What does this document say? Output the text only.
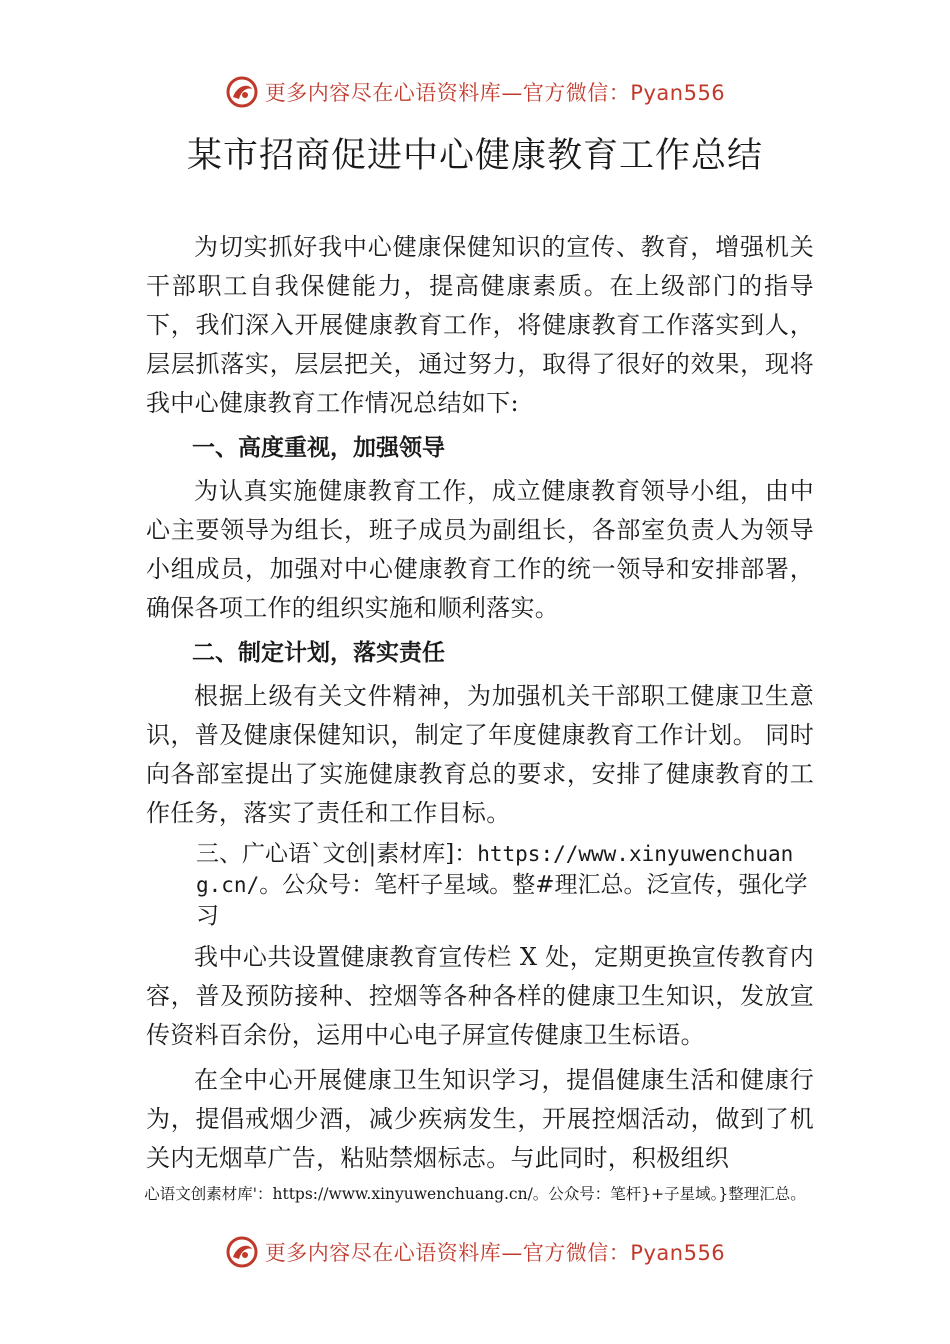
更多内容尽在心语资料库—官方微信：Pyan556
某市招商促进中心健康教育工作总结

为切实抓好我中心健康保健知识的宣传、教育，增强机关干部职工自我保健能力，提高健康素质。在上级部门的指导下，我们深入开展健康教育工作，将健康教育工作落实到人，层层抓落实，层层把关，通过努力，取得了很好的效果，现将我中心健康教育工作情况总结如下:

一、高度重视，加强领导

为认真实施健康教育工作，成立健康教育领导小组，由中心主要领导为组长，班子成员为副组长，各部室负责人为领导小组成员，加强对中心健康教育工作的统一领导和安排部署，确保各项工作的组织实施和顺利落实。

二、制定计划，落实责任

根据上级有关文件精神，为加强机关干部职工健康卫生意识，普及健康保健知识，制定了年度健康教育工作计划。 同时向各部室提出了实施健康教育总的要求，安排了健康教育的工作任务，落实了责任和工作目标。

三、广心语`文创|素材库]：https://www.xinyuwenchuang.cn/。公众号：笔杆子星域。整#理汇总。泛宣传，强化学习

我中心共设置健康教育宣传栏 X 处，定期更换宣传教育内容，普及预防接种、控烟等各种各样的健康卫生知识，发放宣传资料百余份，运用中心电子屏宣传健康卫生标语。

在全中心开展健康卫生知识学习，提倡健康生活和健康行为，提倡戒烟少酒，减少疾病发生，开展控烟活动，做到了机关内无烟草广告，粘贴禁烟标志。与此同时，积极组织

心语文创素材库'：https://www.xinyuwenchuang.cn/。公众号：笔杆}+子星域。}整理汇总。
更多内容尽在心语资料库—官方微信：Pyan556
